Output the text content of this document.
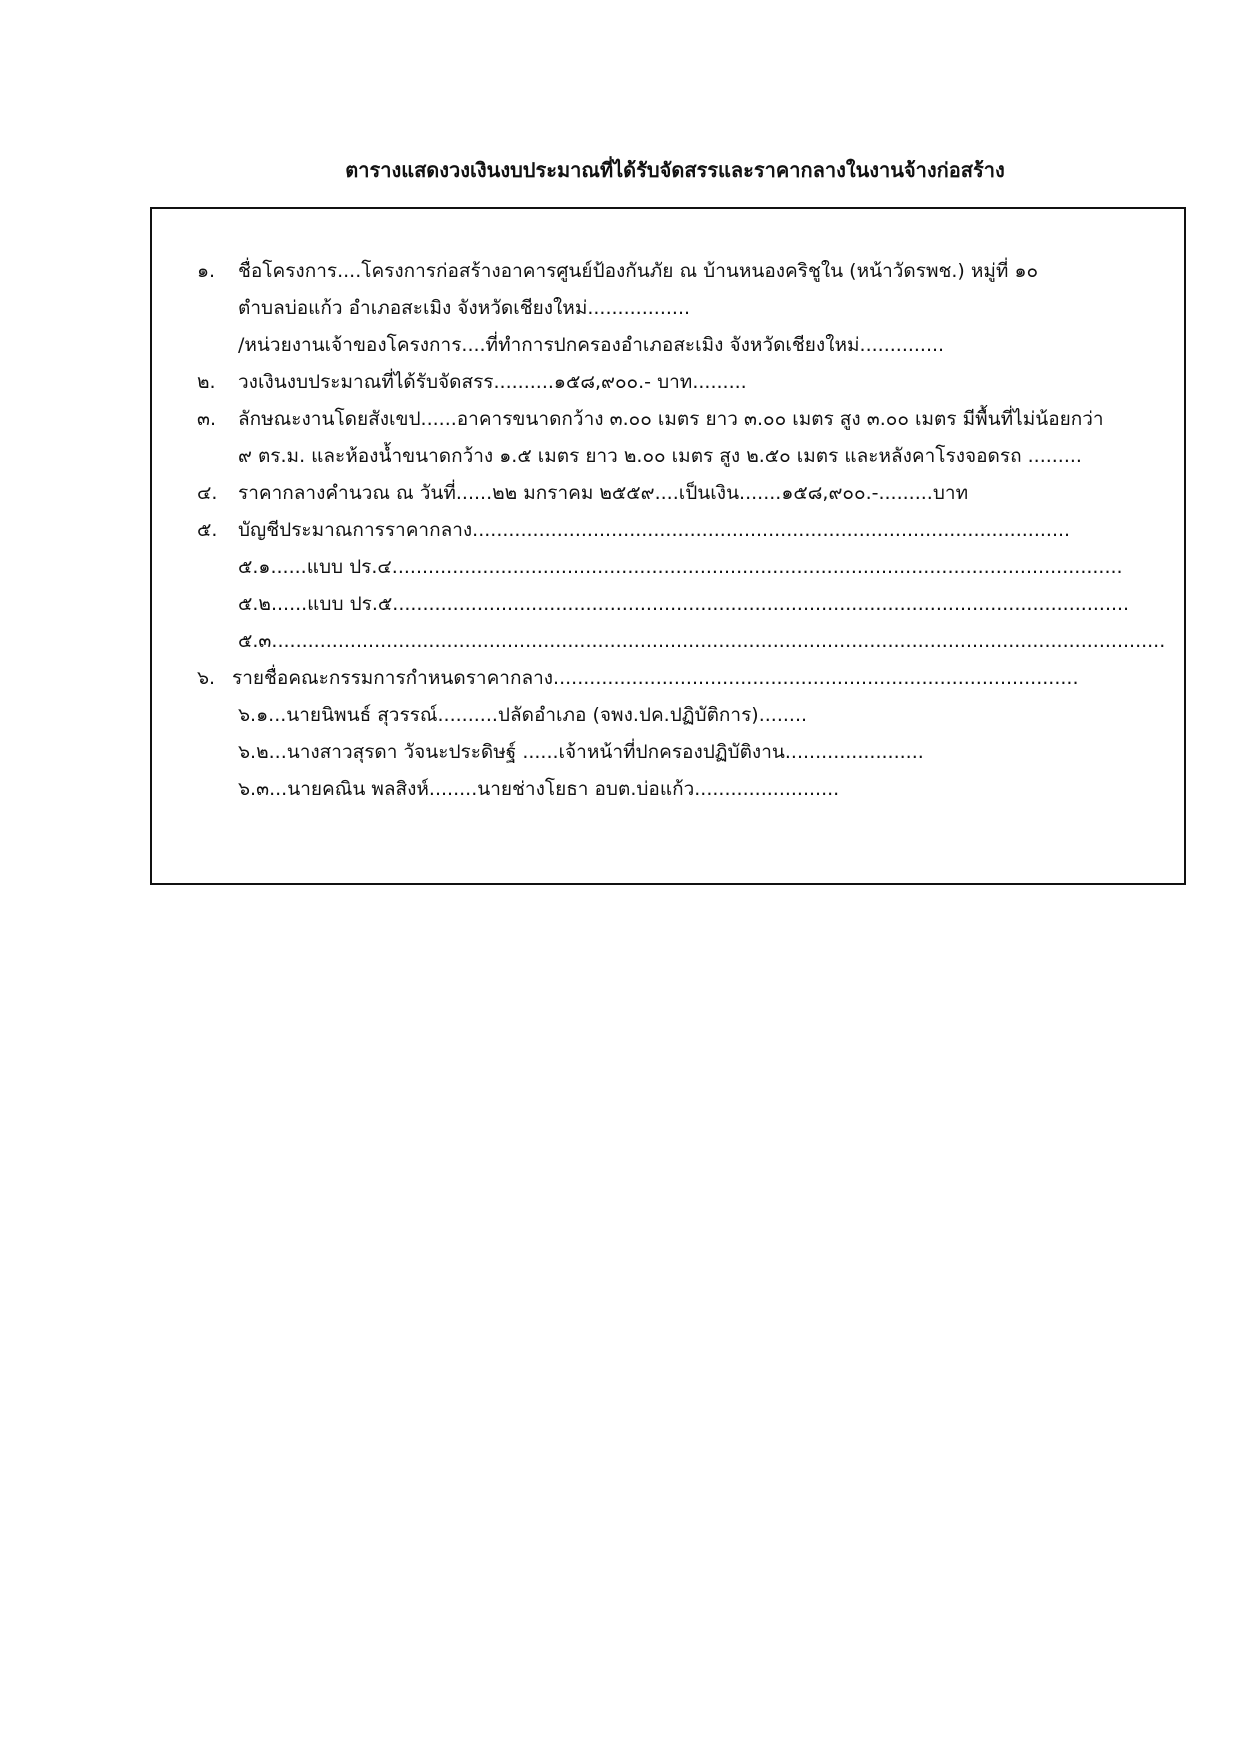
ตารางแสดงวงเงินงบประมาณที่ได้รับจัดสรรและราคากลางในงานจ้างก่อสร้าง
๑. ชื่อโครงการ....โครงการก่อสร้างอาคารศูนย์ป้องกันภัย ณ บ้านหนองคริชูใน (หน้าวัดรพช.) หมู่ที่ ๑๐
ตำบลบ่อแก้ว อำเภอสะเมิง จังหวัดเชียงใหม่.................
/หน่วยงานเจ้าของโครงการ....ที่ทำการปกครองอำเภอสะเมิง จังหวัดเชียงใหม่..............
๒. วงเงินงบประมาณที่ได้รับจัดสรร..........๑๕๘,๙๐๐.- บาท.........
๓. ลักษณะงานโดยสังเขป......อาคารขนาดกว้าง ๓.๐๐ เมตร ยาว ๓.๐๐ เมตร สูง ๓.๐๐ เมตร มีพื้นที่ไม่น้อยกว่า
๙ ตร.ม. และห้องน้ำขนาดกว้าง ๑.๕ เมตร ยาว ๒.๐๐ เมตร สูง ๒.๕๐ เมตร และหลังคาโรงจอดรถ .........
๔. ราคากลางคำนวณ ณ วันที่......๒๒ มกราคม ๒๕๕๙....เป็นเงิน.......๑๕๘,๙๐๐.-.........บาท
๕. บัญชีประมาณการราคากลาง...................................................................................................
๕.๑......แบบ ปร.๔.........................................................................................................................
๕.๒......แบบ ปร.๕..........................................................................................................................
๕.๓....................................................................................................................................................
๖. รายชื่อคณะกรรมการกำหนดราคากลาง.......................................................................................
๖.๑...นายนิพนธ์ สุวรรณ์..........ปลัดอำเภอ (จพง.ปค.ปฏิบัติการ)........
๖.๒...นางสาวสุรดา วัจนะประดิษฐ์ ......เจ้าหน้าที่ปกครองปฏิบัติงาน.......................
๖.๓...นายคณิน พลสิงห์........นายช่างโยธา อบต.บ่อแก้ว........................
